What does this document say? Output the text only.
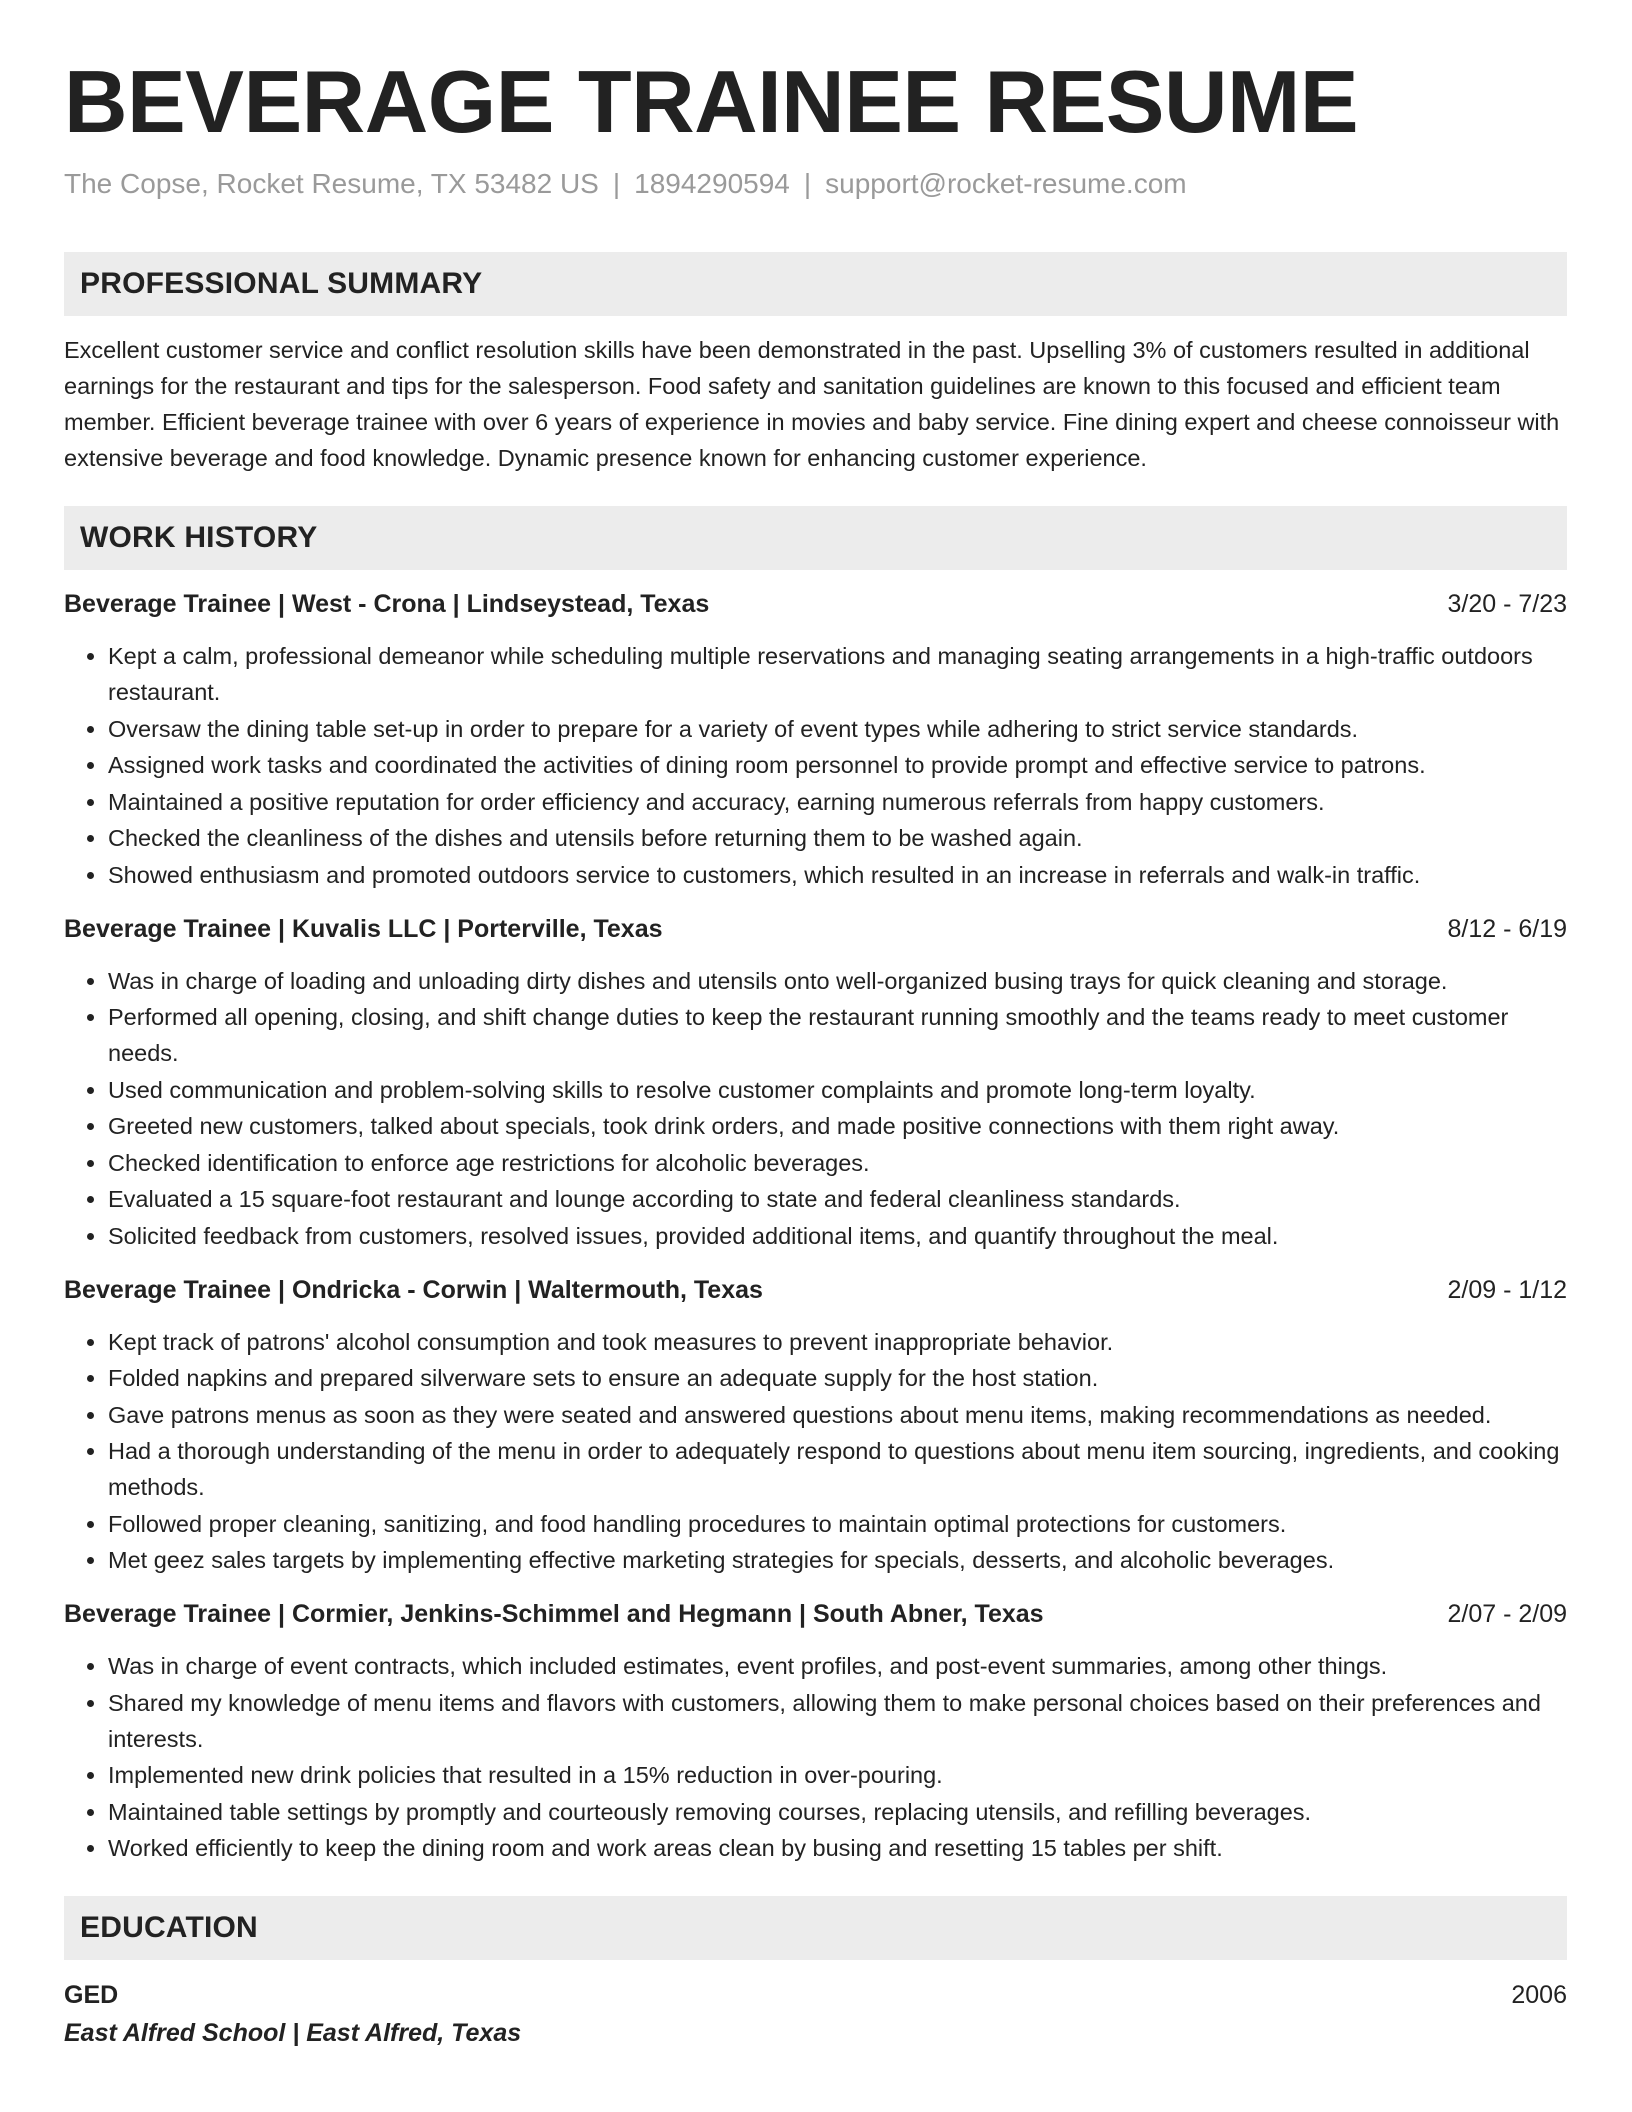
BEVERAGE TRAINEE RESUME
The Copse, Rocket Resume, TX 53482 US | 1894290594 | support@rocket-resume.com
PROFESSIONAL SUMMARY
Excellent customer service and conflict resolution skills have been demonstrated in the past. Upselling 3% of customers resulted in additional earnings for the restaurant and tips for the salesperson. Food safety and sanitation guidelines are known to this focused and efficient team member. Efficient beverage trainee with over 6 years of experience in movies and baby service. Fine dining expert and cheese connoisseur with extensive beverage and food knowledge. Dynamic presence known for enhancing customer experience.
WORK HISTORY
Beverage Trainee | West - Crona | Lindseystead, Texas	3/20 - 7/23
• Kept a calm, professional demeanor while scheduling multiple reservations and managing seating arrangements in a high-traffic outdoors restaurant.
• Oversaw the dining table set-up in order to prepare for a variety of event types while adhering to strict service standards.
• Assigned work tasks and coordinated the activities of dining room personnel to provide prompt and effective service to patrons.
• Maintained a positive reputation for order efficiency and accuracy, earning numerous referrals from happy customers.
• Checked the cleanliness of the dishes and utensils before returning them to be washed again.
• Showed enthusiasm and promoted outdoors service to customers, which resulted in an increase in referrals and walk-in traffic.
Beverage Trainee | Kuvalis LLC | Porterville, Texas	8/12 - 6/19
• Was in charge of loading and unloading dirty dishes and utensils onto well-organized busing trays for quick cleaning and storage.
• Performed all opening, closing, and shift change duties to keep the restaurant running smoothly and the teams ready to meet customer needs.
• Used communication and problem-solving skills to resolve customer complaints and promote long-term loyalty.
• Greeted new customers, talked about specials, took drink orders, and made positive connections with them right away.
• Checked identification to enforce age restrictions for alcoholic beverages.
• Evaluated a 15 square-foot restaurant and lounge according to state and federal cleanliness standards.
• Solicited feedback from customers, resolved issues, provided additional items, and quantify throughout the meal.
Beverage Trainee | Ondricka - Corwin | Waltermouth, Texas	2/09 - 1/12
• Kept track of patrons' alcohol consumption and took measures to prevent inappropriate behavior.
• Folded napkins and prepared silverware sets to ensure an adequate supply for the host station.
• Gave patrons menus as soon as they were seated and answered questions about menu items, making recommendations as needed.
• Had a thorough understanding of the menu in order to adequately respond to questions about menu item sourcing, ingredients, and cooking methods.
• Followed proper cleaning, sanitizing, and food handling procedures to maintain optimal protections for customers.
• Met geez sales targets by implementing effective marketing strategies for specials, desserts, and alcoholic beverages.
Beverage Trainee | Cormier, Jenkins-Schimmel and Hegmann | South Abner, Texas	2/07 - 2/09
• Was in charge of event contracts, which included estimates, event profiles, and post-event summaries, among other things.
• Shared my knowledge of menu items and flavors with customers, allowing them to make personal choices based on their preferences and interests.
• Implemented new drink policies that resulted in a 15% reduction in over-pouring.
• Maintained table settings by promptly and courteously removing courses, replacing utensils, and refilling beverages.
• Worked efficiently to keep the dining room and work areas clean by busing and resetting 15 tables per shift.
EDUCATION
GED	2006
East Alfred School | East Alfred, Texas
